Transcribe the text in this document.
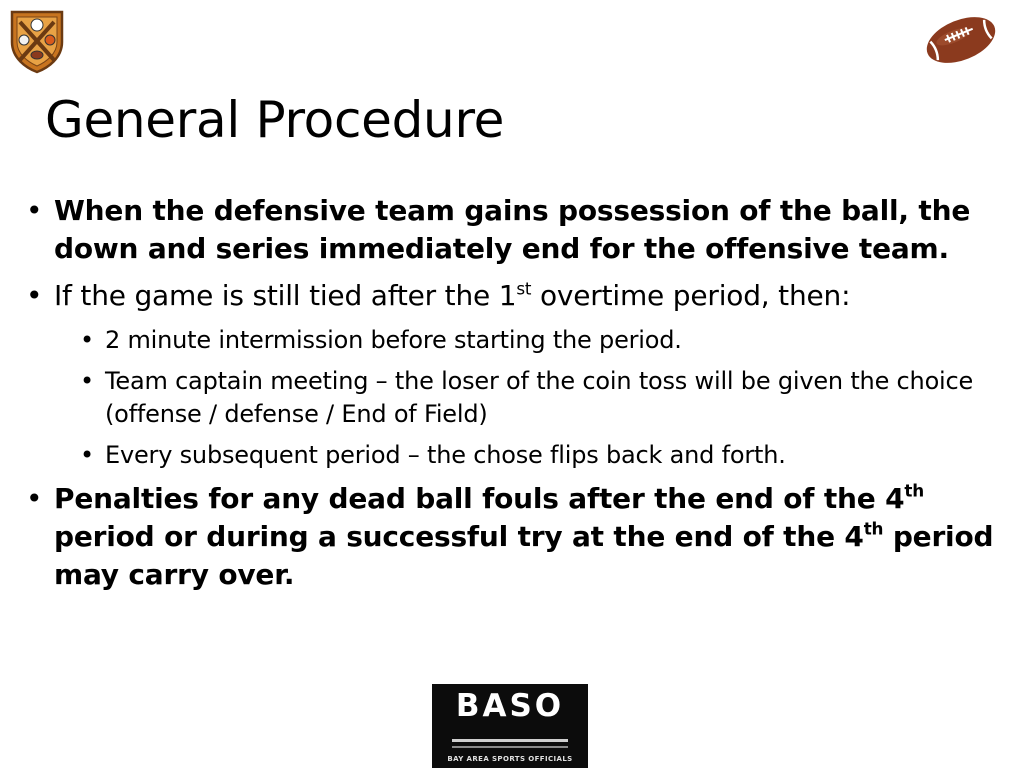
General Procedure

• When the defensive team gains possession of the ball, the down and series immediately end for the offensive team.

• If the game is still tied after the 1st overtime period, then:

• 2 minute intermission before starting the period.

• Team captain meeting – the loser of the coin toss will be given the choice (offense / defense / End of Field)

• Every subsequent period – the chose flips back and forth.

• Penalties for any dead ball fouls after the end of the 4th period or during a successful try at the end of the 4th period may carry over.

BASO
BAY AREA SPORTS OFFICIALS
